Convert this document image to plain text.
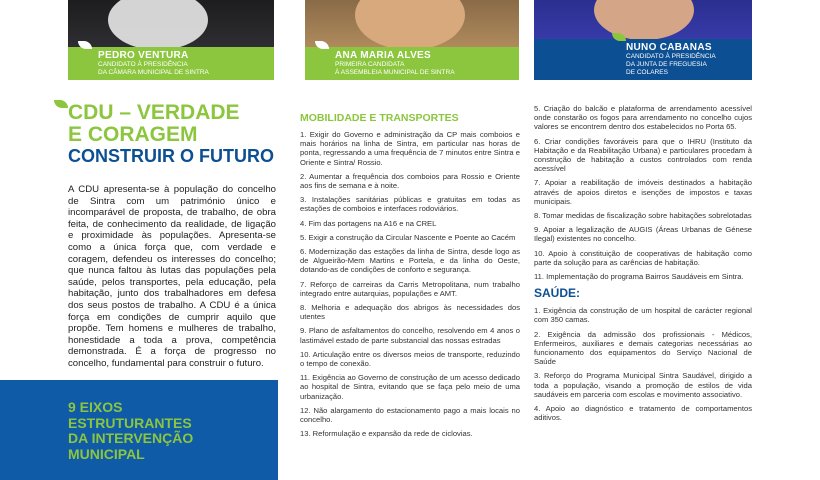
PEDRO VENTURA
CANDIDATO À PRESIDÊNCIA
DA CÂMARA MUNICIPAL DE SINTRA
ANA MARIA ALVES
PRIMEIRA CANDIDATA
À ASSEMBLEIA MUNICIPAL DE SINTRA
NUNO CABANAS
CANDIDATO À PRESIDÊNCIA
DA JUNTA DE FREGUESIA
DE COLARES
CDU – VERDADE
E CORAGEM
CONSTRUIR O FUTURO
A CDU apresenta-se à população do concelho de Sintra com um património único e incomparável de proposta, de trabalho, de obra feita, de conhecimento da realidade, de ligação e proximidade às populações. Apresenta-se como a única força que, com verdade e coragem, defendeu os interesses do concelho; que nunca faltou às lutas das populações pela saúde, pelos transportes, pela educação, pela habitação, junto dos trabalhadores em defesa dos seus postos de trabalho. A CDU é a única força em condições de cumprir aquilo que propõe. Tem homens e mulheres de trabalho, honestidade a toda a prova, competência demonstrada. É a força de progresso no concelho, fundamental para construir o futuro.
9 EIXOS
ESTRUTURANTES
DA INTERVENÇÃO
MUNICIPAL
MOBILIDADE E TRANSPORTES

1. Exigir do Governo e administração da CP mais comboios e mais horários na linha de Sintra, em particular nas horas de ponta, regressando a uma frequência de 7 minutos entre Sintra e Oriente e Sintra/ Rossio.

2. Aumentar a frequência dos comboios para Rossio e Oriente aos fins de semana e à noite.

3. Instalações sanitárias públicas e gratuitas em todas as estações de comboios e interfaces rodoviários.

4. Fim das portagens na A16 e na CREL

5. Exigir a construção da Circular Nascente e Poente ao Cacém

6. Modernização das estações da linha de Sintra, desde logo as de Algueirão-Mem Martins e Portela, e da linha do Oeste, dotando-as de condições de conforto e segurança.

7. Reforço de carreiras da Carris Metropolitana, num trabalho integrado entre autarquias, populações e AMT.

8. Melhoria e adequação dos abrigos às necessidades dos utentes

9. Plano de asfaltamentos do concelho, resolvendo em 4 anos o lastimável estado de parte substancial das nossas estradas

10. Articulação entre os diversos meios de transporte, reduzindo o tempo de conexão.

11. Exigência ao Governo de construção de um acesso dedicado ao hospital de Sintra, evitando que se faça pelo meio de uma urbanização.

12. Não alargamento do estacionamento pago a mais locais no concelho.

13. Reformulação e expansão da rede de ciclovias.

5. Criação do balcão e plataforma de arrendamento acessível onde constarão os fogos para arrendamento no concelho cujos valores se encontrem dentro dos estabelecidos no Porta 65.

6. Criar condições favoráveis para que o IHRU (Instituto da Habitação e da Reabilitação Urbana) e particulares procedam à construção de habitação a custos controlados com renda acessível

7. Apoiar a reabilitação de imóveis destinados a habitação através de apoios diretos e isenções de impostos e taxas municipais.

8. Tomar medidas de fiscalização sobre habitações sobrelotadas

9. Apoiar a legalização de AUGIS (Áreas Urbanas de Génese Ilegal) existentes no concelho.

10. Apoio à constituição de cooperativas de habitação como parte da solução para as carências de habitação.

11. Implementação do programa Bairros Saudáveis em Sintra.

SAÚDE:

1. Exigência da construção de um hospital de carácter regional com 350 camas.

2. Exigência da admissão dos profissionais - Médicos, Enfermeiros, auxiliares e demais categorias necessárias ao funcionamento dos equipamentos do Serviço Nacional de Saúde

3. Reforço do Programa Municipal Sintra Saudável, dirigido a toda a população, visando a promoção de estilos de vida saudáveis em parceria com escolas e movimento associativo.

4. Apoio ao diagnóstico e tratamento de comportamentos aditivos.
